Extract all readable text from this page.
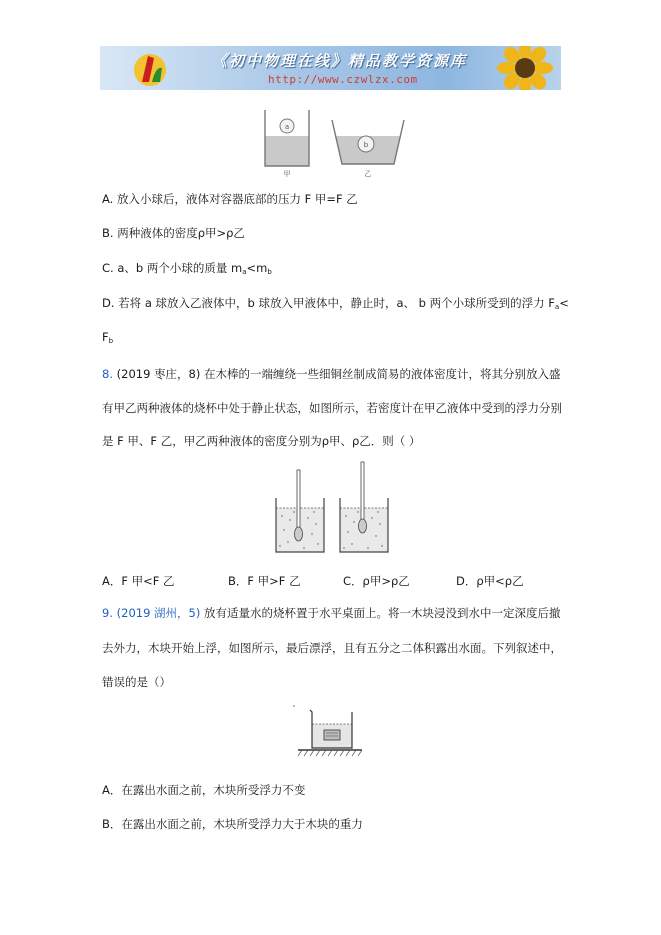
《初中物理在线》精品教学资源库
http://www.czwlzx.com
a
甲
b
乙
A. 放入小球后，液体对容器底部的压力 F 甲=F 乙
B. 两种液体的密度ρ甲>ρ乙
C. a、b 两个小球的质量 $m_a<m_b$
D. 若将 a 球放入乙液体中，b 球放入甲液体中，静止时，a、 b 两个小球所受到的浮力 $F_a<$
$F_b$
8. (2019 枣庄，8) 在木棒的一端缠绕一些细铜丝制成简易的液体密度计，将其分别放入盛
有甲乙两种液体的烧杯中处于静止状态，如图所示，若密度计在甲乙液体中受到的浮力分别
是 F 甲、F 乙，甲乙两种液体的密度分别为ρ甲、ρ乙．则（ ）
A．F 甲<F 乙	B．F 甲>F 乙	C．ρ甲>ρ乙	D．ρ甲<ρ乙
9. (2019 湖州，5) 放有适量水的烧杯置于水平桌面上。将一木块浸没到水中一定深度后撤
去外力，木块开始上浮，如图所示，最后漂浮，且有五分之二体积露出水面。下列叙述中，
错误的是（）
A．在露出水面之前，木块所受浮力不变
B．在露出水面之前，木块所受浮力大于木块的重力
